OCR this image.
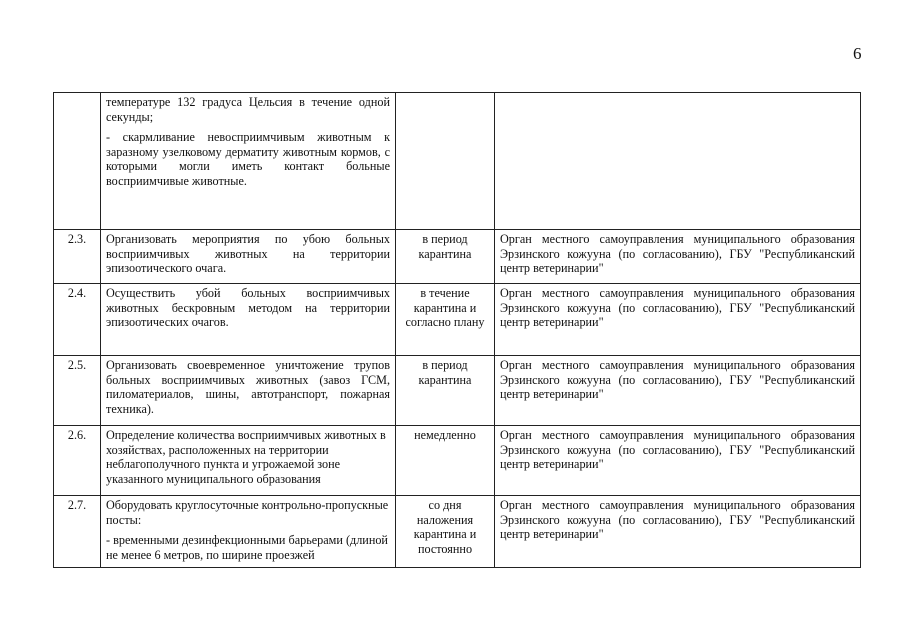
6

	температуре 132 градуса Цельсия в течение одной секунды;

- скармливание невосприимчивым животным к заразному узелковому дерматиту животным кормов, с которыми могли иметь контакт больные восприимчивые животные.		

2.3.	Организовать мероприятия по убою больных восприимчивых животных на территории эпизоотического очага.	в период карантина	Орган местного самоуправления муниципального образования Эрзинского кожууна (по согласованию), ГБУ "Республиканский центр ветеринарии"
2.4.	Осуществить убой больных восприимчивых животных бескровным методом на территории эпизоотических очагов.	в течение карантина и согласно плану	Орган местного самоуправления муниципального образования Эрзинского кожууна (по согласованию), ГБУ "Республиканский центр ветеринарии"
2.5.	Организовать своевременное уничтожение трупов больных восприимчивых животных (завоз ГСМ, пиломатериалов, шины, автотранспорт, пожарная техника).	в период карантина	Орган местного самоуправления муниципального образования Эрзинского кожууна (по согласованию), ГБУ "Республиканский центр ветеринарии"
2.6.	Определение количества восприимчивых животных в хозяйствах, расположенных на территории неблагополучного пункта и угрожаемой зоне указанного муниципального образования	немедленно	Орган местного самоуправления муниципального образования Эрзинского кожууна (по согласованию), ГБУ "Республиканский центр ветеринарии"
2.7.	Оборудовать круглосуточные контрольно-пропускные посты:

- временными дезинфекционными барьерами (длиной не менее 6 метров, по ширине проезжей	со дня наложения карантина и постоянно	Орган местного самоуправления муниципального образования Эрзинского кожууна (по согласованию), ГБУ "Республиканский центр ветеринарии"
